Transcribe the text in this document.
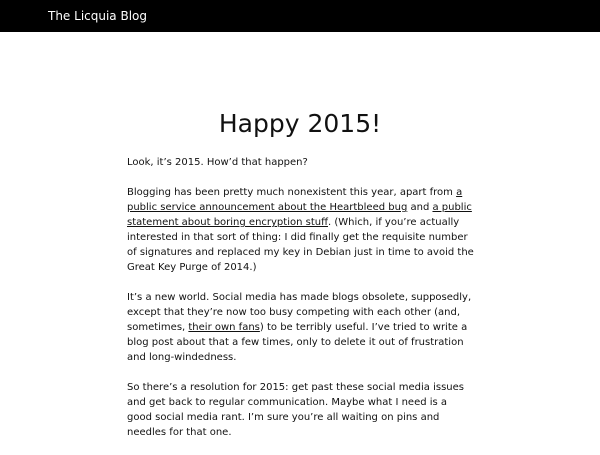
The Licquia Blog
Happy 2015!

Look, it’s 2015. How’d that happen?

Blogging has been pretty much nonexistent this year, apart from a public service announcement about the Heartbleed bug and a public statement about boring encryption stuff. (Which, if you’re actually interested in that sort of thing: I did finally get the requisite number of signatures and replaced my key in Debian just in time to avoid the Great Key Purge of 2014.)

It’s a new world. Social media has made blogs obsolete, supposedly, except that they’re now too busy competing with each other (and, sometimes, their own fans) to be terribly useful. I’ve tried to write a blog post about that a few times, only to delete it out of frustration and long-windedness.

So there’s a resolution for 2015: get past these social media issues and get back to regular communication. Maybe what I need is a good social media rant. I’m sure you’re all waiting on pins and needles for that one.
